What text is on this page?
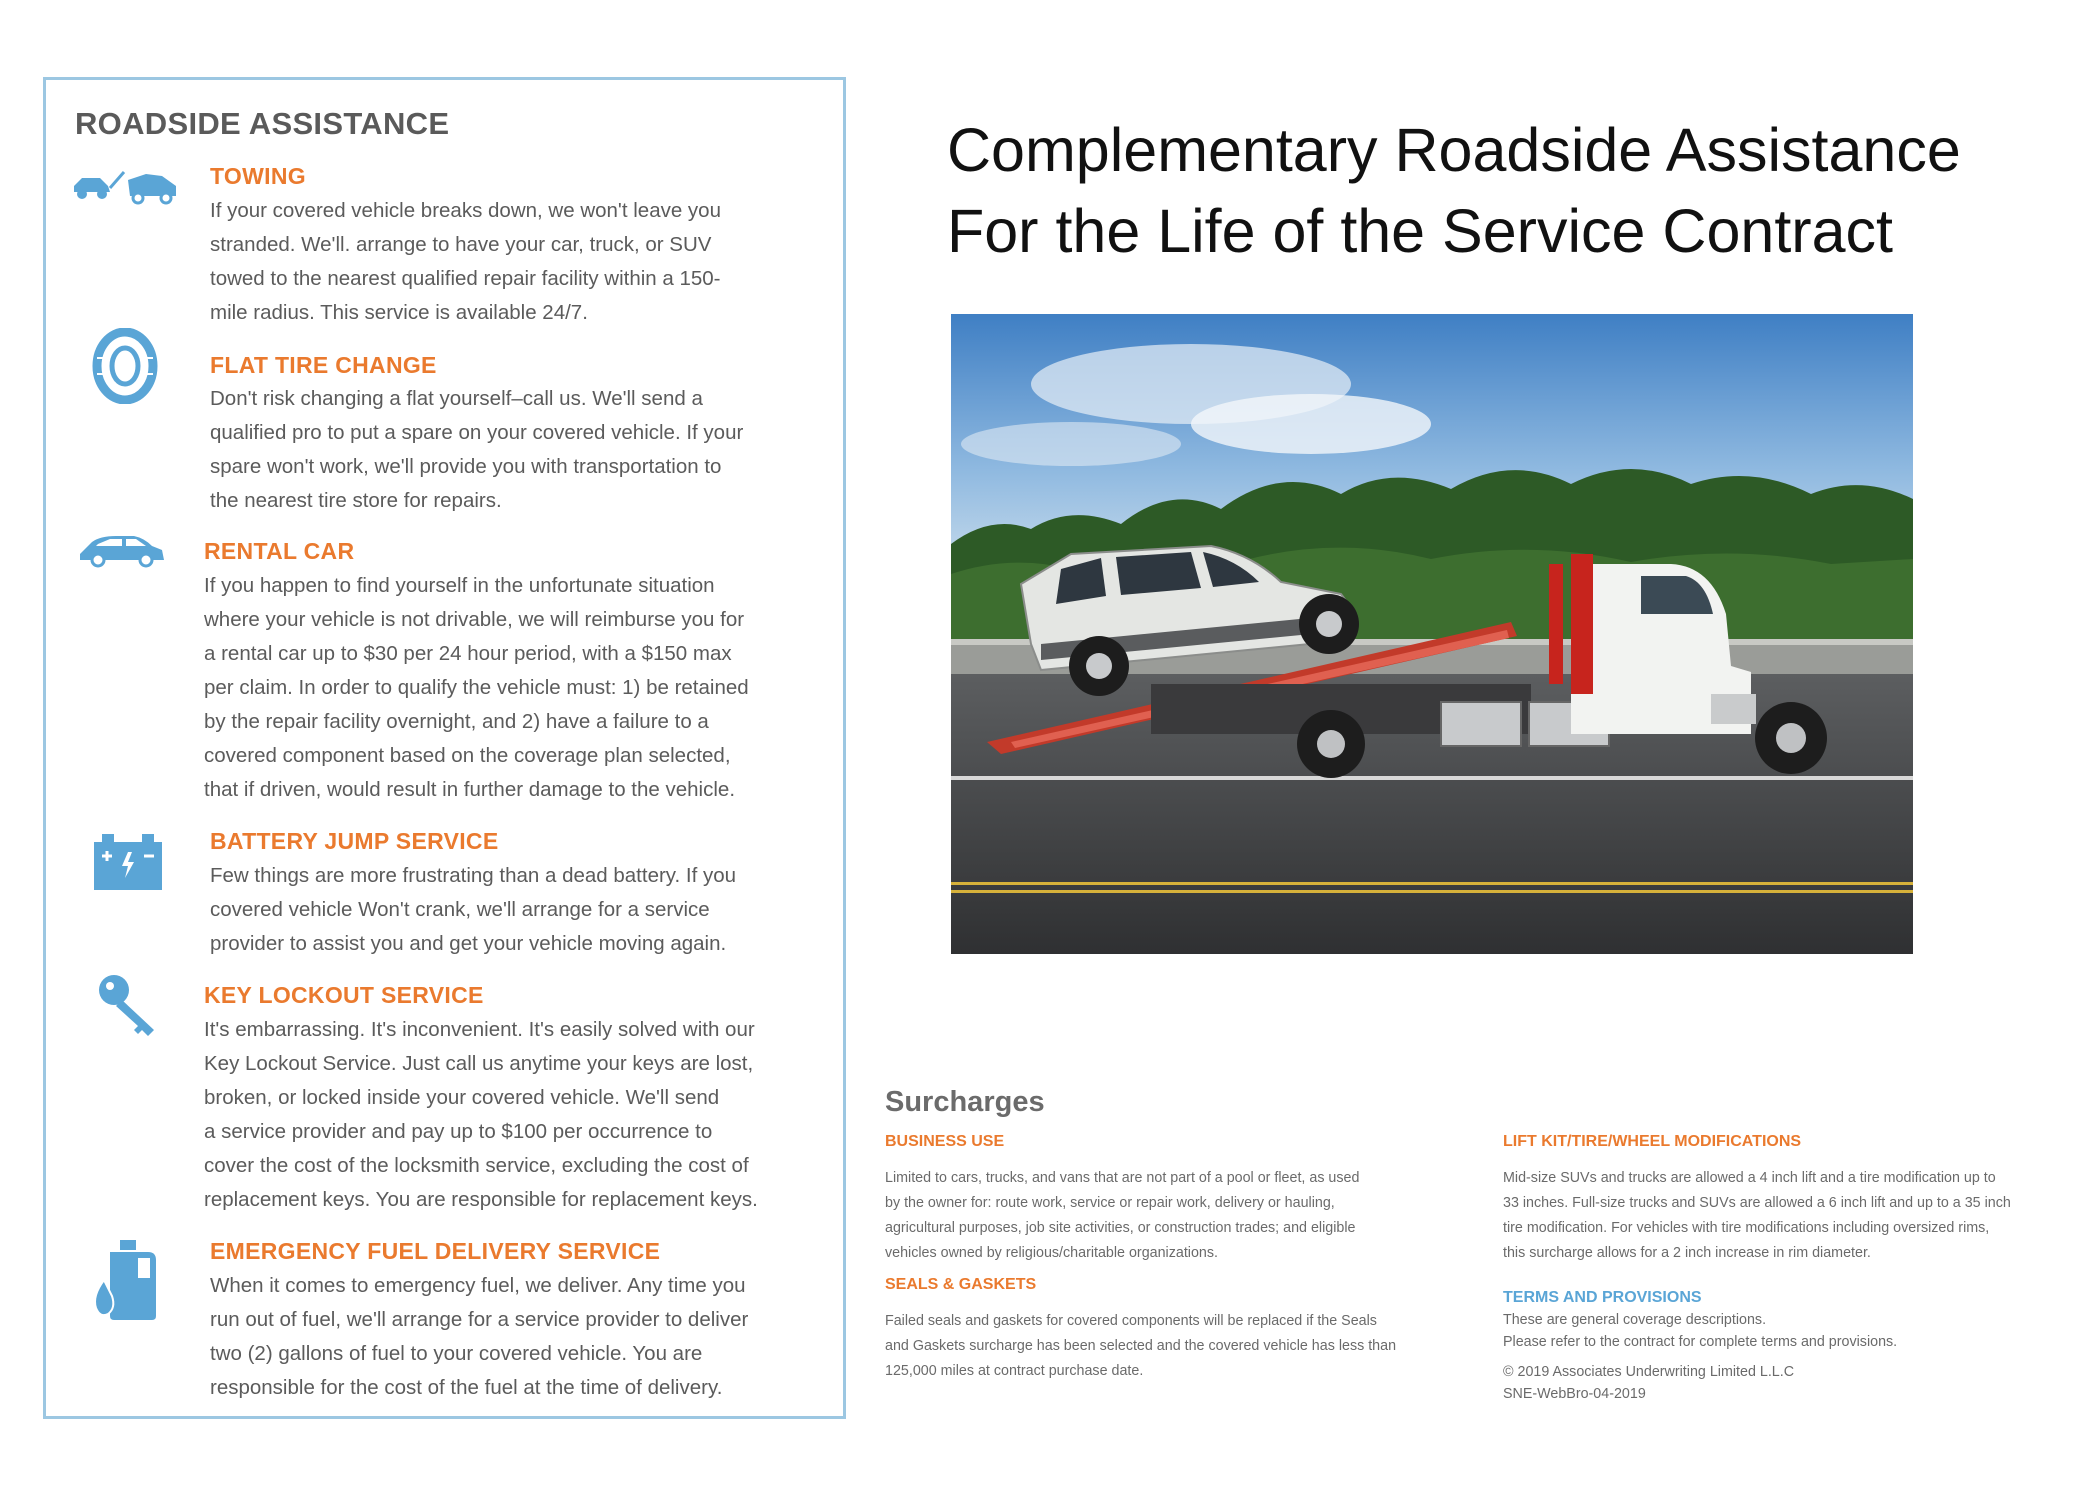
ROADSIDE ASSISTANCE
TOWING
If your covered vehicle breaks down, we won't leave you
stranded. We'll. arrange to have your car, truck, or SUV
towed to the nearest qualified repair facility within a 150-
mile radius. This service is available 24/7.
FLAT TIRE CHANGE
Don't risk changing a flat yourself–call us. We'll send a
qualified pro to put a spare on your covered vehicle. If your
spare won't work, we'll provide you with transportation to
the nearest tire store for repairs.
RENTAL CAR
If you happen to find yourself in the unfortunate situation
where your vehicle is not drivable, we will reimburse you for
a rental car up to $30 per 24 hour period, with a $150 max
per claim. In order to qualify the vehicle must: 1) be retained
by the repair facility overnight, and 2) have a failure to a
covered component based on the coverage plan selected,
that if driven, would result in further damage to the vehicle.
BATTERY JUMP SERVICE
Few things are more frustrating than a dead battery. If you
covered vehicle Won't crank, we'll arrange for a service
provider to assist you and get your vehicle moving again.
KEY LOCKOUT SERVICE
It's embarrassing. It's inconvenient. It's easily solved with our
Key Lockout Service. Just call us anytime your keys are lost,
broken, or locked inside your covered vehicle. We'll send
a service provider and pay up to $100 per occurrence to
cover the cost of the locksmith service, excluding the cost of
replacement keys. You are responsible for replacement keys.
EMERGENCY FUEL DELIVERY SERVICE
When it comes to emergency fuel, we deliver. Any time you
run out of fuel, we'll arrange for a service provider to deliver
two (2) gallons of fuel to your covered vehicle. You are
responsible for the cost of the fuel at the time of delivery.
Complementary Roadside Assistance
For the Life of the Service Contract
Surcharges
BUSINESS USE
Limited to cars, trucks, and vans that are not part of a pool or fleet, as used
by the owner for: route work, service or repair work, delivery or hauling,
agricultural purposes, job site activities, or construction trades; and eligible
vehicles owned by religious/charitable organizations.
SEALS & GASKETS
Failed seals and gaskets for covered components will be replaced if the Seals
and Gaskets surcharge has been selected and the covered vehicle has less than
125,000 miles at contract purchase date.
LIFT KIT/TIRE/WHEEL MODIFICATIONS
Mid-size SUVs and trucks are allowed a 4 inch lift and a tire modification up to
33 inches. Full-size trucks and SUVs are allowed a 6 inch lift and up to a 35 inch
tire modification. For vehicles with tire modifications including oversized rims,
this surcharge allows for a 2 inch increase in rim diameter.
TERMS AND PROVISIONS
These are general coverage descriptions.
Please refer to the contract for complete terms and provisions.
© 2019 Associates Underwriting Limited L.L.C
SNE-WebBro-04-2019
